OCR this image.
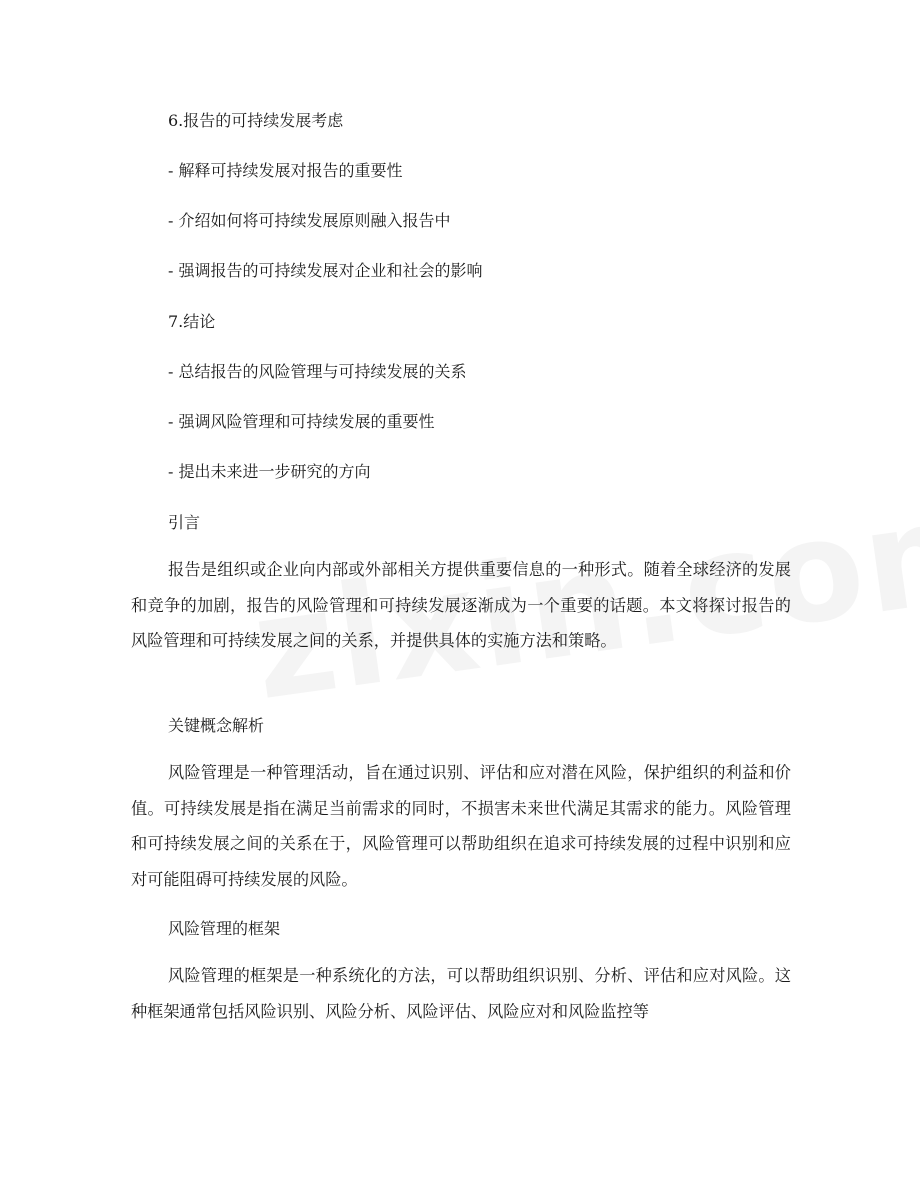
6.报告的可持续发展考虑

- 解释可持续发展对报告的重要性

- 介绍如何将可持续发展原则融入报告中

- 强调报告的可持续发展对企业和社会的影响

7.结论

- 总结报告的风险管理与可持续发展的关系

- 强调风险管理和可持续发展的重要性

- 提出未来进一步研究的方向

引言

报告是组织或企业向内部或外部相关方提供重要信息的一种形式。随着全球经济的发展和竞争的加剧，报告的风险管理和可持续发展逐渐成为一个重要的话题。本文将探讨报告的风险管理和可持续发展之间的关系，并提供具体的实施方法和策略。

关键概念解析

风险管理是一种管理活动，旨在通过识别、评估和应对潜在风险，保护组织的利益和价值。可持续发展是指在满足当前需求的同时，不损害未来世代满足其需求的能力。风险管理和可持续发展之间的关系在于，风险管理可以帮助组织在追求可持续发展的过程中识别和应对可能阻碍可持续发展的风险。

风险管理的框架

风险管理的框架是一种系统化的方法，可以帮助组织识别、分析、评估和应对风险。这种框架通常包括风险识别、风险分析、风险评估、风险应对和风险监控等
